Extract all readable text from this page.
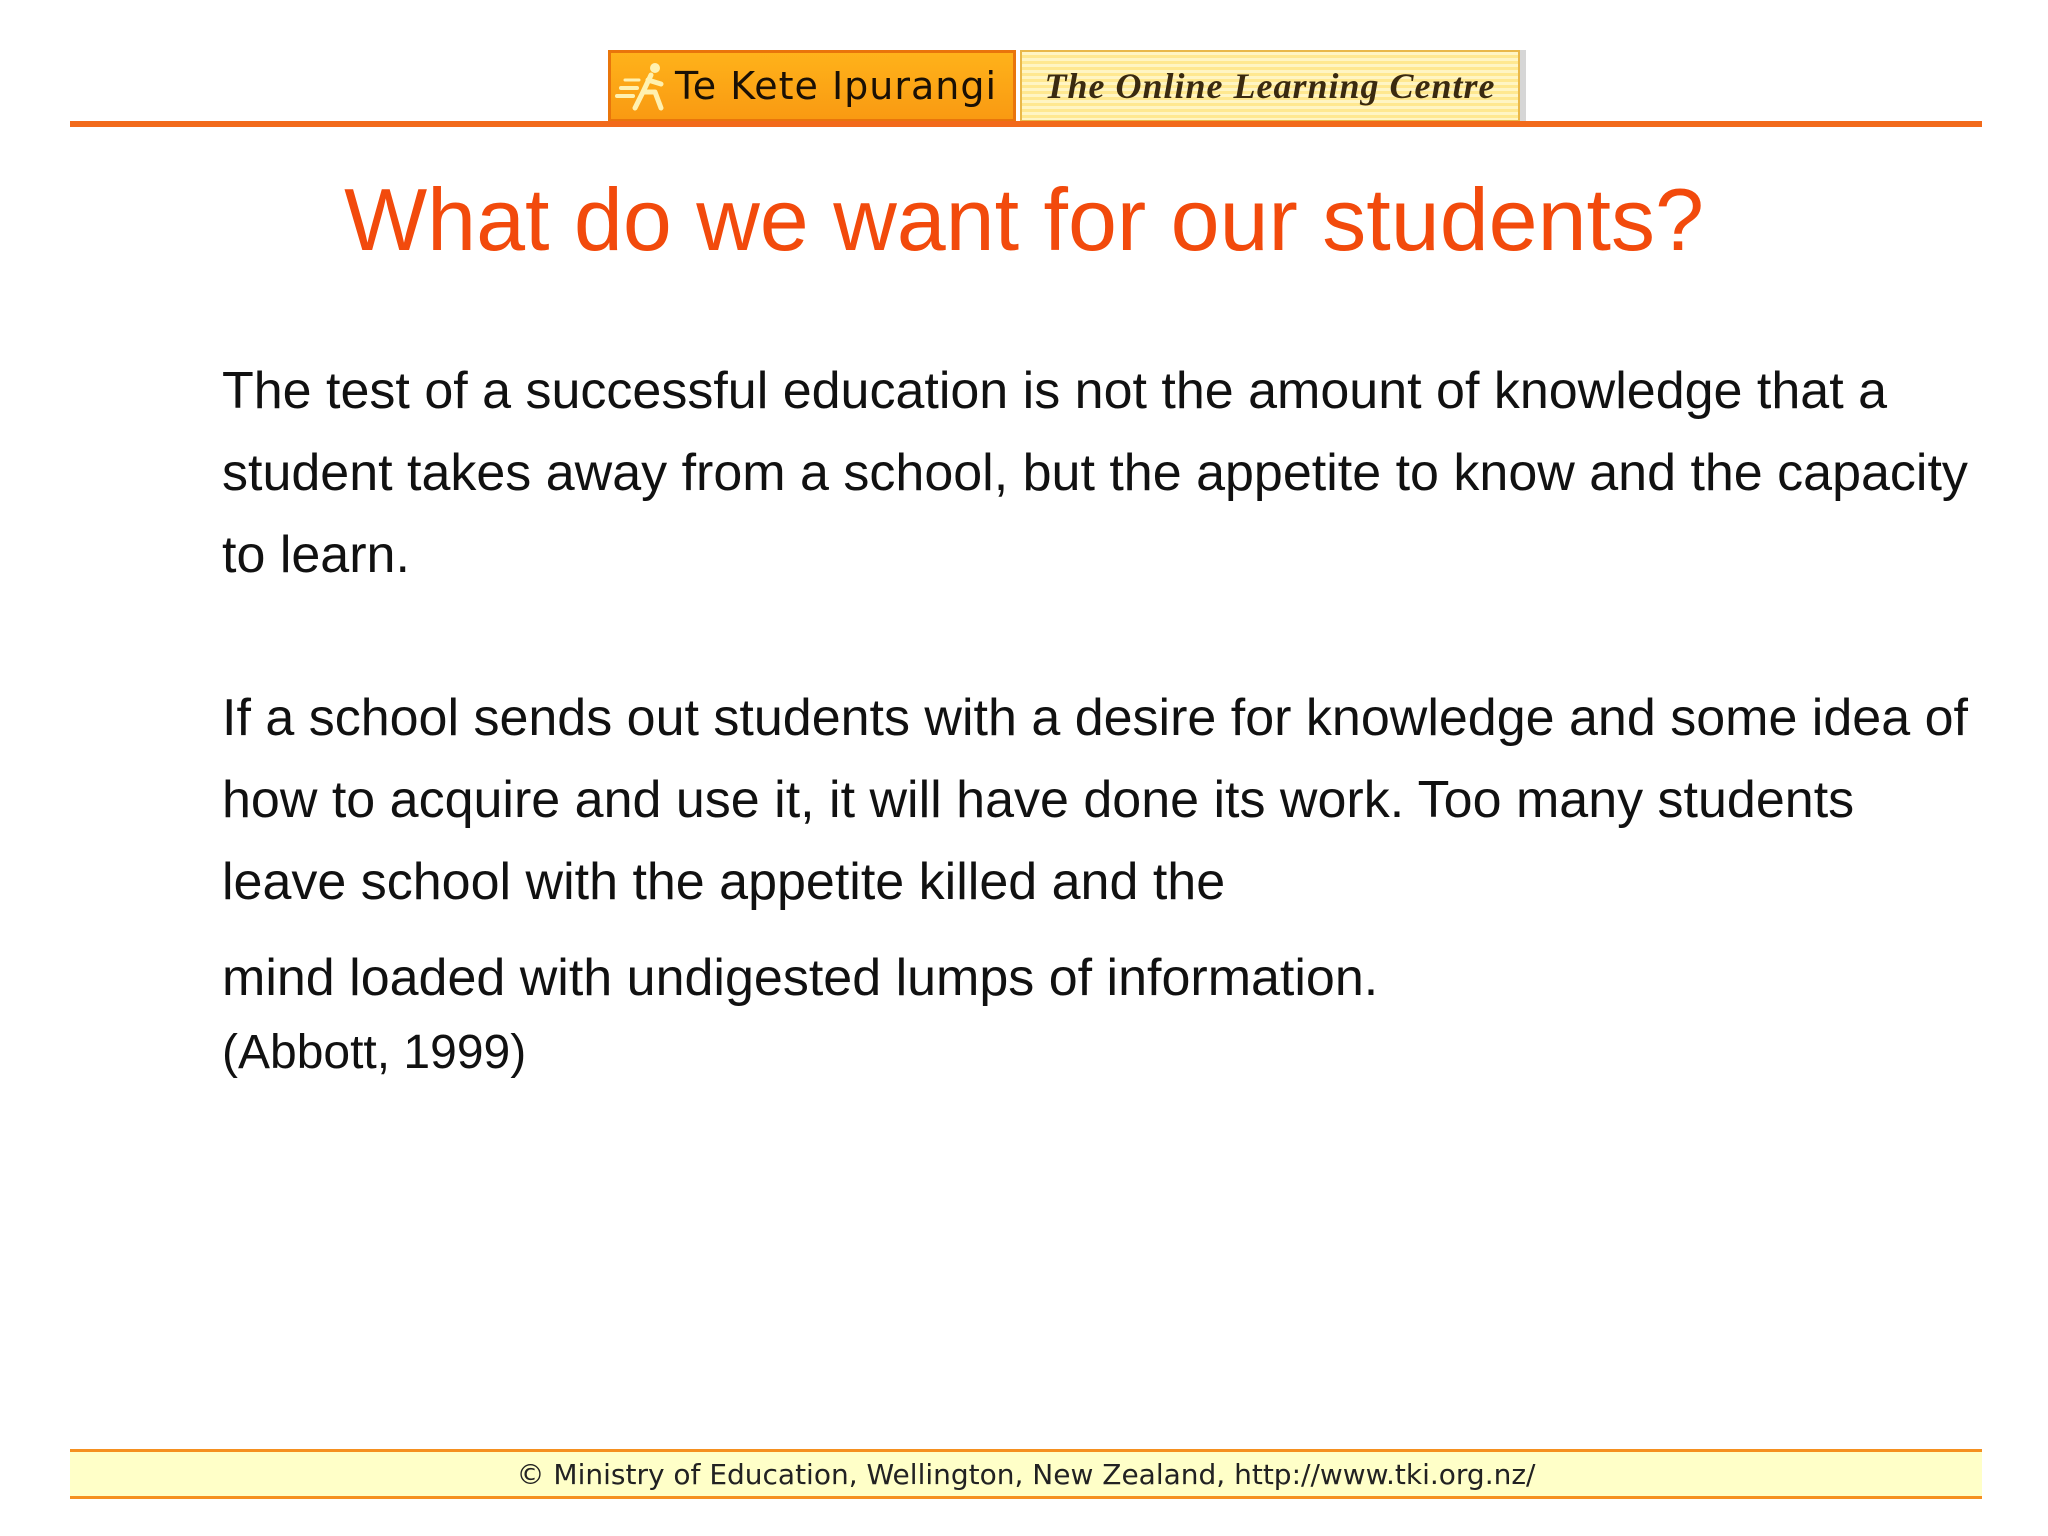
Te Kete Ipurangi The Online Learning Centre
What do we want for our students?

The test of a successful education is not the amount of knowledge that a student takes away from a school, but the appetite to know and the capacity to learn.

If a school sends out students with a desire for knowledge and some idea of how to acquire and use it, it will have done its work. Too many students leave school with the appetite killed and the
mind loaded with undigested lumps of information.

(Abbott, 1999)
© Ministry of Education, Wellington, New Zealand, http://www.tki.org.nz/
